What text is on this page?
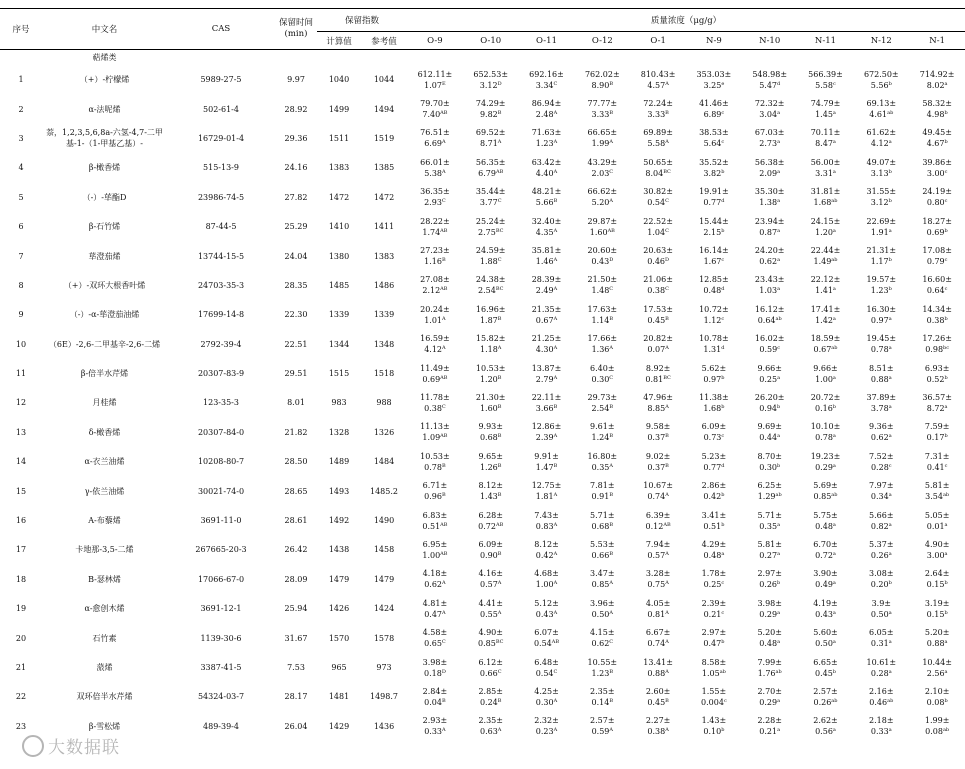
序号	中文名	CAS	保留时间(min)	保留指数		质量浓度（μg/g）									
				计算值	参考值	O-9	O-10	O-11	O-12	O-1	N-9	N-10	N-11	N-12	N-1
	萜烯类														
1	（+）-柠檬烯	5989-27-5	9.97	1040	1044	612.11±
$1.07^E$	652.53±
$3.12^D$	692.16±
$3.34^C$	762.02±
$8.90^B$	810.43±
$4.57^A$	353.03±
3.25$^e$	548.98±
5.47$^d$	566.39±
5.58$^c$	672.50±
5.56$^b$	714.92±
8.02$^a$

2	α-法呢烯	502-61-4	28.92	1499	1494	79.70±
$7.40^{AB}$	74.29±
$9.82^B$	86.94±
$2.48^A$	77.77±
$3.33^B$	72.24±
$3.33^B$	41.46±
6.89$^c$	72.32±
3.04$^a$	74.79±
1.45$^a$	69.13±
4.61$^{ab}$	58.32±
4.98$^b$

3	萘，1,2,3,5,6,8a-六氢-4,7-二甲基-1-（1-甲基乙基）-	16729-01-4	29.36	1511	1519	76.51±
$6.69^A$	69.52±
$8.71^A$	71.63±
$1.23^A$	66.65±
$1.99^A$	69.89±
$5.58^A$	38.53±
5.64$^c$	67.03±
2.73$^a$	70.11±
8.47$^a$	61.62±
4.12$^a$	49.45±
4.67$^b$

4	β-橄香烯	515-13-9	24.16	1383	1385	66.01±
$5.38^A$	56.35±
$6.79^{AB}$	63.42±
$4.40^A$	43.29±
$2.03^C$	50.65±
$8.04^{BC}$	35.52±
3.82$^b$	56.38±
2.09$^a$	56.00±
3.31$^a$	49.07±
3.13$^b$	39.86±
3.00$^c$

5	（-）-荜酯D	23986-74-5	27.82	1472	1472	36.35±
$2.93^C$	35.44±
$3.77^C$	48.21±
$5.66^B$	66.62±
$5.20^A$	30.82±
$0.54^C$	19.91±
0.77$^d$	35.30±
1.38$^a$	31.81±
1.68$^{ab}$	31.55±
3.12$^b$	24.19±
0.80$^c$

6	β-石竹烯	87-44-5	25.29	1410	1411	28.22±
$1.74^{AB}$	25.24±
$2.75^{BC}$	32.40±
$4.35^A$	29.87±
$1.60^{AB}$	22.52±
$1.04^C$	15.44±
2.15$^b$	23.94±
0.87$^a$	24.15±
1.20$^a$	22.69±
1.91$^a$	18.27±
0.69$^b$

7	荜澄茄烯	13744-15-5	24.04	1380	1383	27.23±
$1.16^B$	24.59±
$1.88^C$	35.81±
$1.46^A$	20.60±
$0.43^D$	20.63±
$0.46^D$	16.14±
1.67$^c$	24.20±
0.62$^a$	22.44±
1.49$^{ab}$	21.31±
1.17$^b$	17.08±
0.79$^c$

8	（+）-双环大根香叶烯	24703-35-3	28.35	1485	1486	27.08±
$2.12^{AB}$	24.38±
$2.54^{BC}$	28.39±
$2.49^A$	21.50±
$1.48^C$	21.06±
$0.38^C$	12.85±
0.48$^d$	23.43±
1.03$^a$	22.12±
1.41$^a$	19.57±
1.23$^b$	16.60±
0.64$^c$

9	（-）-α-荜澄茄油烯	17699-14-8	22.30	1339	1339	20.24±
$1.01^A$	16.96±
$1.87^B$	21.35±
$0.67^A$	17.63±
$1.14^B$	17.53±
$0.45^B$	10.72±
1.12$^c$	16.12±
0.64$^{ab}$	17.41±
1.42$^a$	16.30±
0.97$^a$	14.34±
0.38$^b$

10	（6E）-2,6-二甲基辛-2,6-二烯	2792-39-4	22.51	1344	1348	16.59±
$4.12^A$	15.82±
$1.18^A$	21.25±
$4.30^A$	17.66±
$1.36^A$	20.82±
$0.07^A$	10.78±
1.31$^d$	16.02±
0.59$^c$	18.59±
0.67$^{ab}$	19.45±
0.78$^a$	17.26±
0.98$^{bc}$

11	β-倍半水芹烯	20307-83-9	29.51	1515	1518	11.49±
$0.69^{AB}$	10.53±
$1.20^B$	13.87±
$2.79^A$	6.40±
$0.30^C$	8.92±
$0.81^{BC}$	5.62±
0.97$^b$	9.66±
0.25$^a$	9.66±
1.00$^a$	8.51±
0.88$^a$	6.93±
0.52$^b$

12	月桂烯	123-35-3	8.01	983	988	11.78±
$0.38^C$	21.30±
$1.60^B$	22.11±
$3.66^B$	29.73±
$2.54^B$	47.96±
$8.85^A$	11.38±
1.68$^b$	26.20±
0.94$^b$	20.72±
0.16$^b$	37.89±
3.78$^a$	36.57±
8.72$^a$

13	δ-橄香烯	20307-84-0	21.82	1328	1326	11.13±
$1.09^{AB}$	9.93±
$0.68^B$	12.86±
$2.39^A$	9.61±
$1.24^B$	9.58±
$0.37^B$	6.09±
0.73$^c$	9.69±
0.44$^a$	10.10±
0.78$^a$	9.36±
0.62$^a$	7.59±
0.17$^b$

14	α-衣兰油烯	10208-80-7	28.50	1489	1484	10.53±
$0.78^B$	9.65±
$1.26^B$	9.91±
$1.47^B$	16.80±
$0.35^A$	9.02±
$0.37^B$	5.23±
0.77$^d$	8.70±
0.30$^b$	19.23±
0.29$^a$	7.52±
0.28$^c$	7.31±
0.41$^c$

15	γ-依兰油烯	30021-74-0	28.65	1493	1485.2	6.71±
$0.96^B$	8.12±
$1.43^B$	12.75±
$1.81^A$	7.81±
$0.91^B$	10.67±
$0.74^A$	2.86±
0.42$^b$	6.25±
1.29$^{ab}$	5.69±
0.85$^{ab}$	7.97±
0.34$^a$	5.81±
3.54$^{ab}$

16	A-布藜烯	3691-11-0	28.61	1492	1490	6.83±
$0.51^{AB}$	6.28±
$0.72^{AB}$	7.43±
$0.83^A$	5.71±
$0.68^B$	6.39±
$0.12^{AB}$	3.41±
0.51$^b$	5.71±
0.35$^a$	5.75±
0.48$^a$	5.66±
0.82$^a$	5.05±
0.01$^a$

17	卡地那-3,5-二烯	267665-20-3	26.42	1438	1458	6.95±
$1.00^{AB}$	6.09±
$0.90^B$	8.12±
$0.42^A$	5.53±
$0.66^B$	7.94±
$0.57^A$	4.29±
0.48$^a$	5.81±
0.27$^a$	6.70±
0.72$^a$	5.37±
0.26$^a$	4.90±
3.00$^a$

18	B-瑟林烯	17066-67-0	28.09	1479	1479	4.18±
$0.62^A$	4.16±
$0.57^A$	4.68±
$1.00^A$	3.47±
$0.85^A$	3.28±
$0.75^A$	1.78±
0.25$^c$	2.97±
0.26$^b$	3.90±
0.49$^a$	3.08±
0.20$^b$	2.64±
0.15$^b$

19	α-愈创木烯	3691-12-1	25.94	1426	1424	4.81±
$0.47^A$	4.41±
$0.55^A$	5.12±
$0.43^A$	3.96±
$0.50^A$	4.05±
$0.81^A$	2.39±
0.21$^c$	3.98±
0.29$^a$	4.19±
0.43$^a$	3.9±
0.50$^a$	3.19±
0.15$^b$

20	石竹素	1139-30-6	31.67	1570	1578	4.58±
$0.65^C$	4.90±
$0.85^{BC}$	6.07±
$0.54^{AB}$	4.15±
$0.62^C$	6.67±
$0.74^A$	2.97±
0.47$^b$	5.20±
0.48$^a$	5.60±
0.50$^a$	6.05±
0.31$^a$	5.20±
0.88$^a$

21	蒎烯	3387-41-5	7.53	965	973	3.98±
$0.18^D$	6.12±
$0.66^C$	6.48±
$0.54^C$	10.55±
$1.23^B$	13.41±
$0.88^A$	8.58±
1.05$^{ab}$	7.99±
1.76$^{ab}$	6.65±
0.45$^b$	10.61±
0.28$^a$	10.44±
2.56$^a$

22	双环倍半水芹烯	54324-03-7	28.17	1481	1498.7	2.84±
$0.04^B$	2.85±
$0.24^B$	4.25±
$0.30^A$	2.35±
$0.14^B$	2.60±
$0.45^B$	1.55±
0.004$^c$	2.70±
0.29$^a$	2.57±
0.26$^{ab}$	2.16±
0.46$^{ab}$	2.10±
0.08$^b$

23	β-雪松烯	489-39-4	26.04	1429	1436	2.93±
$0.33^A$	2.35±
$0.63^A$	2.32±
$0.23^A$	2.57±
$0.59^A$	2.27±
$0.38^A$	1.43±
0.10$^b$	2.28±
0.21$^a$	2.62±
0.56$^a$	2.18±
0.33$^a$	1.99±
0.08$^{ab}$
大数据联
